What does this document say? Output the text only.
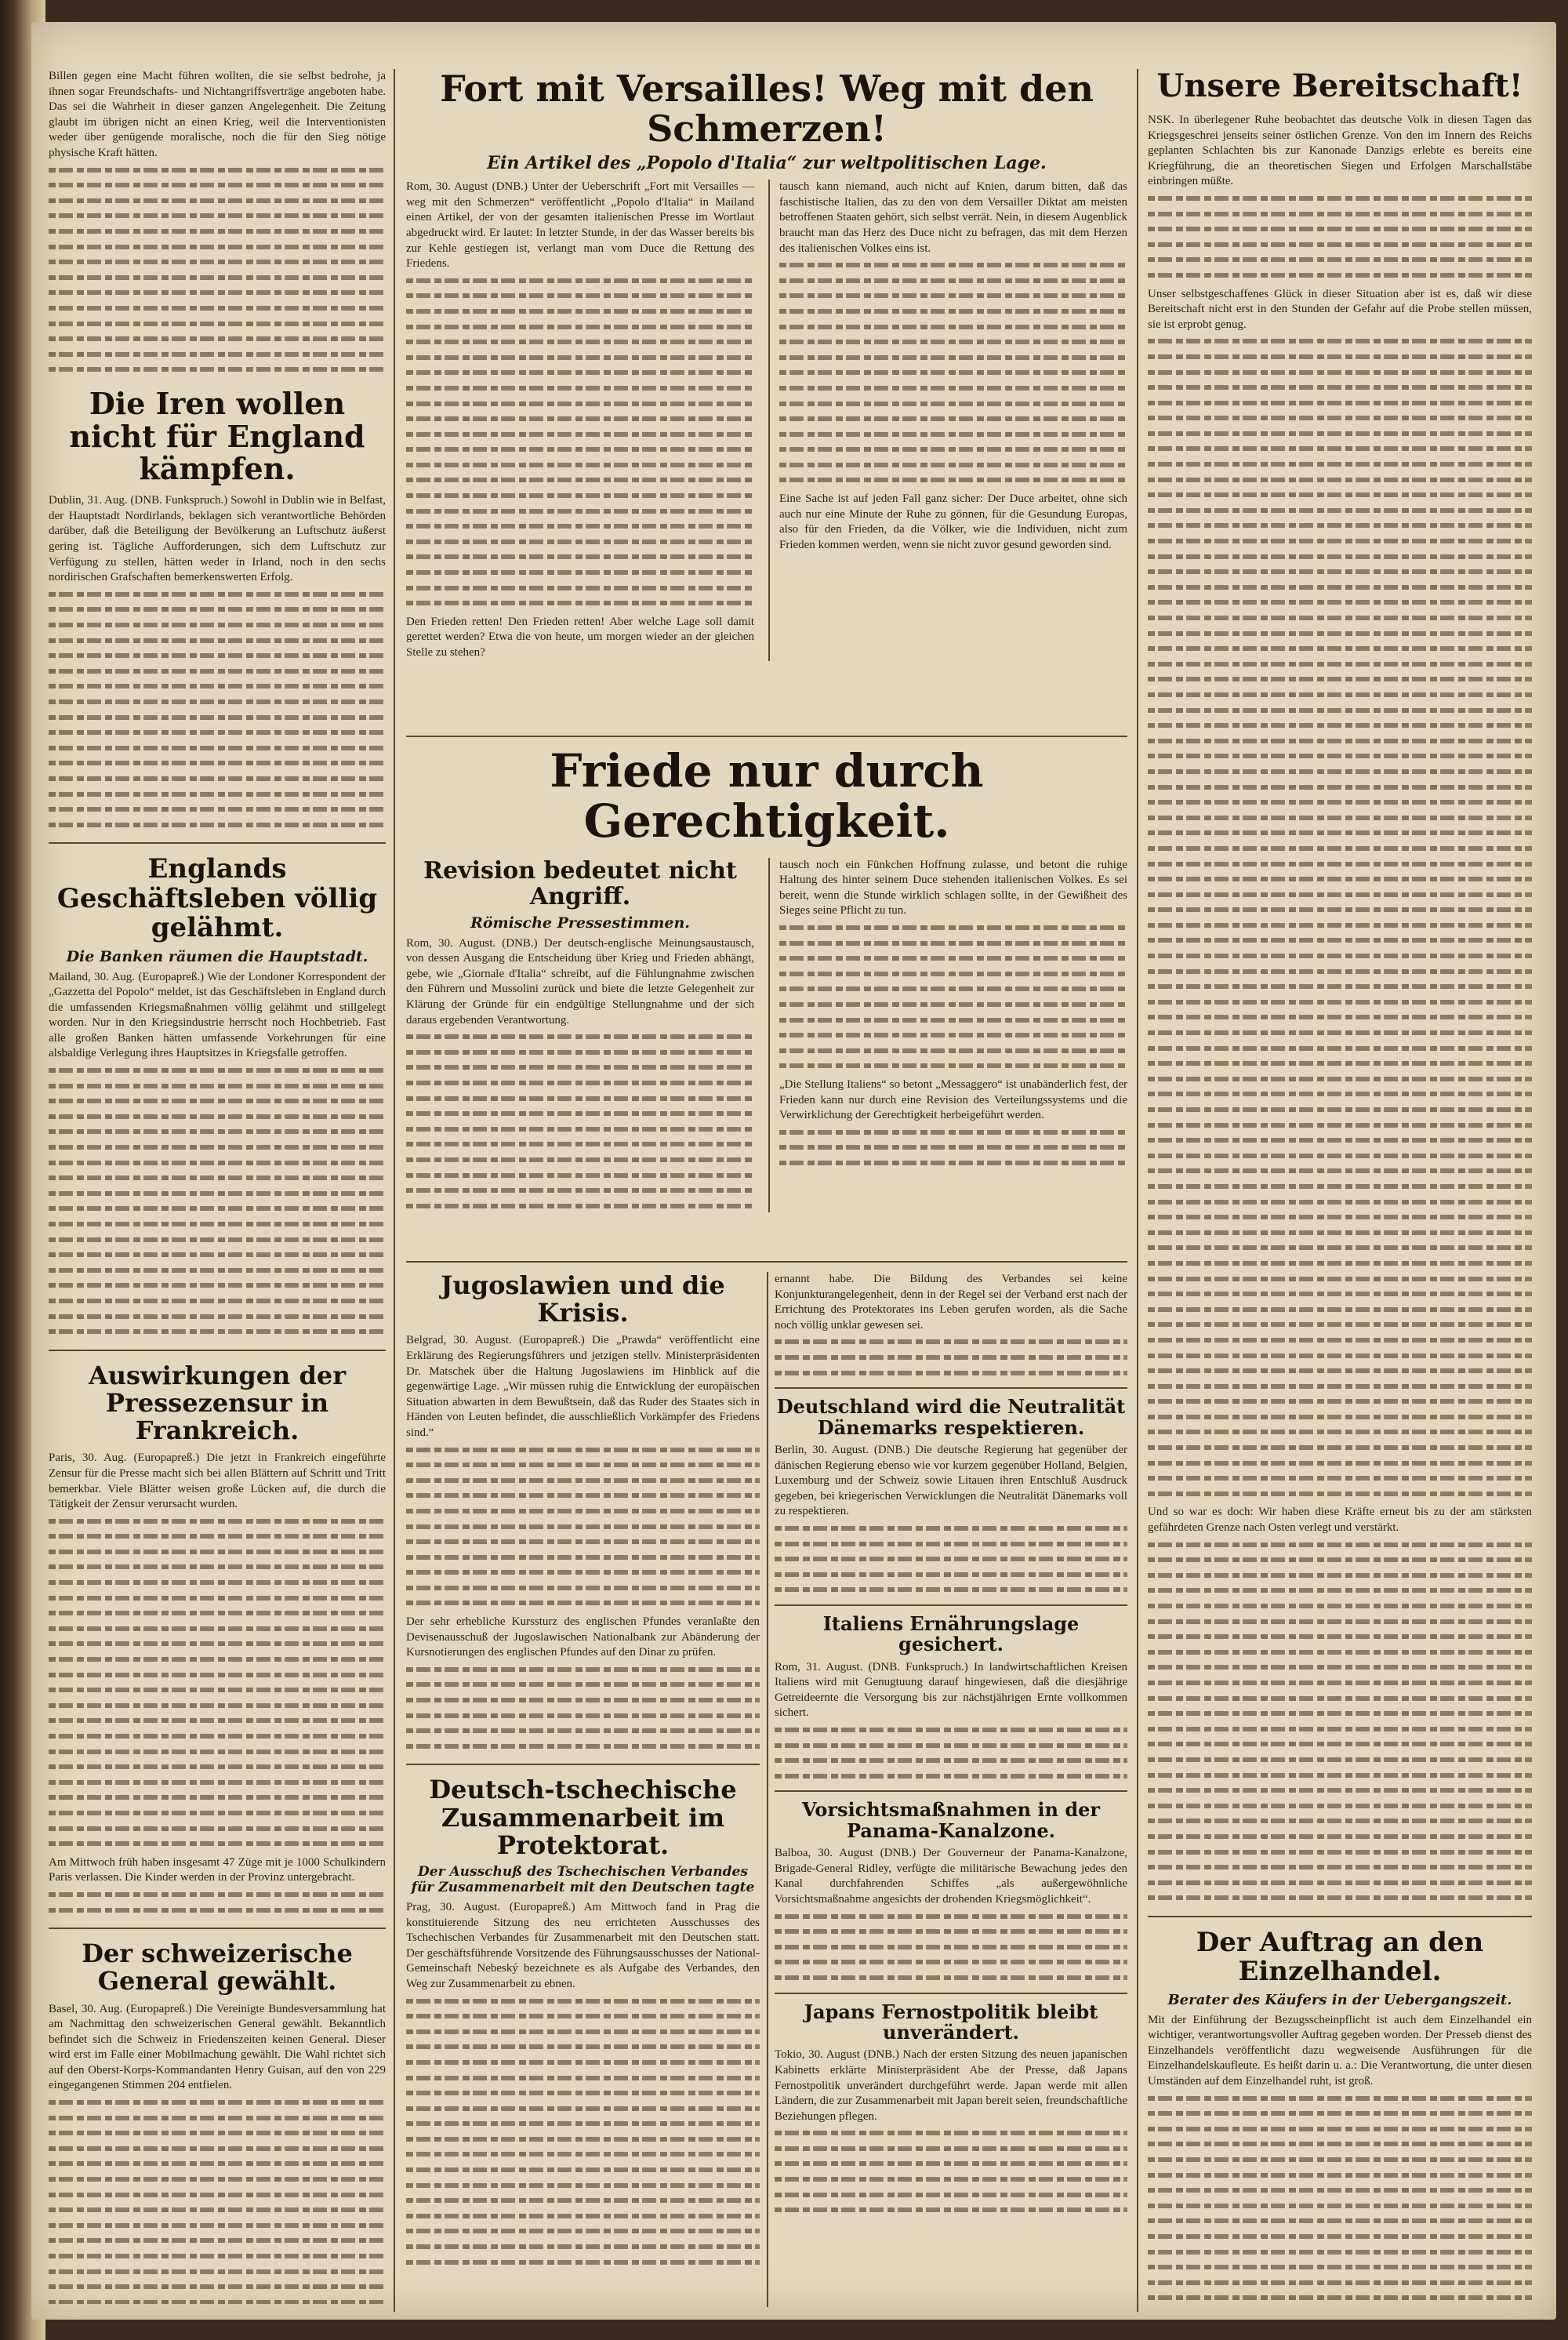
Billen gegen eine Macht führen wollten, die sie selbst bedrohe, ja ihnen sogar Freundschafts- und Nichtangriffsverträge angeboten habe. Das sei die Wahrheit in dieser ganzen Angelegenheit. Die Zeitung glaubt im übrigen nicht an einen Krieg, weil die Interventionisten weder über genügende moralische, noch die für den Sieg nötige physische Kraft hätten.

Die Iren wollen nicht für England kämpfen.

Dublin, 31. Aug. (DNB. Funkspruch.) Sowohl in Dublin wie in Belfast, der Hauptstadt Nordirlands, beklagen sich verantwortliche Behörden darüber, daß die Beteiligung der Bevölkerung an Luftschutz äußerst gering ist. Tägliche Aufforderungen, sich dem Luftschutz zur Verfügung zu stellen, hätten weder in Irland, noch in den sechs nordirischen Grafschaften bemerkenswerten Erfolg.

Englands Geschäftsleben völlig gelähmt.

Die Banken räumen die Hauptstadt.

Mailand, 30. Aug. (Europapreß.) Wie der Londoner Korrespondent der „Gazzetta del Popolo“ meldet, ist das Geschäftsleben in England durch die umfassenden Kriegsmaßnahmen völlig gelähmt und stillgelegt worden. Nur in den Kriegsindustrie herrscht noch Hochbetrieb. Fast alle großen Banken hätten umfassende Vorkehrungen für eine alsbaldige Verlegung ihres Hauptsitzes in Kriegsfalle getroffen.

Auswirkungen der Pressezensur in Frankreich.

Paris, 30. Aug. (Europapreß.) Die jetzt in Frankreich eingeführte Zensur für die Presse macht sich bei allen Blättern auf Schritt und Tritt bemerkbar. Viele Blätter weisen große Lücken auf, die durch die Tätigkeit der Zensur verursacht wurden.

Am Mittwoch früh haben insgesamt 47 Züge mit je 1000 Schulkindern Paris verlassen. Die Kinder werden in der Provinz untergebracht.

Der schweizerische General gewählt.

Basel, 30. Aug. (Europapreß.) Die Vereinigte Bundesversammlung hat am Nachmittag den schweizerischen General gewählt. Bekanntlich befindet sich die Schweiz in Friedenszeiten keinen General. Dieser wird erst im Falle einer Mobilmachung gewählt. Die Wahl richtet sich auf den Oberst-Korps-Kommandanten Henry Guisan, auf den von 229 eingegangenen Stimmen 204 entfielen.

Fort mit Versailles! Weg mit den Schmerzen!

Ein Artikel des „Popolo d'Italia“ zur weltpolitischen Lage.

Rom, 30. August (DNB.) Unter der Ueberschrift „Fort mit Versailles — weg mit den Schmerzen“ veröffentlicht „Popolo d'Italia“ in Mailand einen Artikel, der von der gesamten italienischen Presse im Wortlaut abgedruckt wird. Er lautet: In letzter Stunde, in der das Wasser bereits bis zur Kehle gestiegen ist, verlangt man vom Duce die Rettung des Friedens.

Den Frieden retten! Den Frieden retten! Aber welche Lage soll damit gerettet werden? Etwa die von heute, um morgen wieder an der gleichen Stelle zu stehen?

tausch kann niemand, auch nicht auf Knien, darum bitten, daß das faschistische Italien, das zu den von dem Versailler Diktat am meisten betroffenen Staaten gehört, sich selbst verrät. Nein, in diesem Augenblick braucht man das Herz des Duce nicht zu befragen, das mit dem Herzen des italienischen Volkes eins ist.

Eine Sache ist auf jeden Fall ganz sicher: Der Duce arbeitet, ohne sich auch nur eine Minute der Ruhe zu gönnen, für die Gesundung Europas, also für den Frieden, da die Völker, wie die Individuen, nicht zum Frieden kommen werden, wenn sie nicht zuvor gesund geworden sind.

Friede nur durch Gerechtigkeit.
Revision bedeutet nicht Angriff.

Römische Pressestimmen.

Rom, 30. August. (DNB.) Der deutsch-englische Meinungsaustausch, von dessen Ausgang die Entscheidung über Krieg und Frieden abhängt, gebe, wie „Giornale d'Italia“ schreibt, auf die Fühlungnahme zwischen den Führern und Mussolini zurück und biete die letzte Gelegenheit zur Klärung der Gründe für ein endgültige Stellungnahme und der sich daraus ergebenden Verantwortung.

tausch noch ein Fünkchen Hoffnung zulasse, und betont die ruhige Haltung des hinter seinem Duce stehenden italienischen Volkes. Es sei bereit, wenn die Stunde wirklich schlagen sollte, in der Gewißheit des Sieges seine Pflicht zu tun.

„Die Stellung Italiens“ so betont „Messaggero“ ist unabänderlich fest, der Frieden kann nur durch eine Revision des Verteilungssystems und die Verwirklichung der Gerechtigkeit herbeigeführt werden.

Jugoslawien und die Krisis.

Belgrad, 30. August. (Europapreß.) Die „Prawda“ veröffentlicht eine Erklärung des Regierungsführers und jetzigen stellv. Ministerpräsidenten Dr. Matschek über die Haltung Jugoslawiens im Hinblick auf die gegenwärtige Lage. „Wir müssen ruhig die Entwicklung der europäischen Situation abwarten in dem Bewußtsein, daß das Ruder des Staates sich in Händen von Leuten befindet, die ausschließlich Vorkämpfer des Friedens sind.“

Der sehr erhebliche Kurssturz des englischen Pfundes veranlaßte den Devisenausschuß der Jugoslawischen Nationalbank zur Abänderung der Kursnotierungen des englischen Pfundes auf den Dinar zu prüfen.

Deutsch-tschechische Zusammenarbeit im Protektorat.

Der Ausschuß des Tschechischen Verbandes für Zusammenarbeit mit den Deutschen tagte

Prag, 30. August. (Europapreß.) Am Mittwoch fand in Prag die konstituierende Sitzung des neu errichteten Ausschusses des Tschechischen Verbandes für Zusammenarbeit mit den Deutschen statt. Der geschäftsführende Vorsitzende des Führungsausschusses der National-Gemeinschaft Nebeský bezeichnete es als Aufgabe des Verbandes, den Weg zur Zusammenarbeit zu ebnen.

ernannt habe. Die Bildung des Verbandes sei keine Konjunkturangelegenheit, denn in der Regel sei der Verband erst nach der Errichtung des Protektorates ins Leben gerufen worden, als die Sache noch völlig unklar gewesen sei.

Deutschland wird die Neutralität Dänemarks respektieren.

Berlin, 30. August. (DNB.) Die deutsche Regierung hat gegenüber der dänischen Regierung ebenso wie vor kurzem gegenüber Holland, Belgien, Luxemburg und der Schweiz sowie Litauen ihren Entschluß Ausdruck gegeben, bei kriegerischen Verwicklungen die Neutralität Dänemarks voll zu respektieren.

Italiens Ernährungslage gesichert.

Rom, 31. August. (DNB. Funkspruch.) In landwirtschaftlichen Kreisen Italiens wird mit Genugtuung darauf hingewiesen, daß die diesjährige Getreideernte die Versorgung bis zur nächstjährigen Ernte vollkommen sichert.

Vorsichtsmaßnahmen in der Panama-Kanalzone.

Balboa, 30. August (DNB.) Der Gouverneur der Panama-Kanalzone, Brigade-General Ridley, verfügte die militärische Bewachung jedes den Kanal durchfahrenden Schiffes „als außergewöhnliche Vorsichtsmaßnahme angesichts der drohenden Kriegsmöglichkeit“.

Japans Fernostpolitik bleibt unverändert.

Tokio, 30. August (DNB.) Nach der ersten Sitzung des neuen japanischen Kabinetts erklärte Ministerpräsident Abe der Presse, daß Japans Fernostpolitik unverändert durchgeführt werde. Japan werde mit allen Ländern, die zur Zusammenarbeit mit Japan bereit seien, freundschaftliche Beziehungen pflegen.

Unsere Bereitschaft!

NSK. In überlegener Ruhe beobachtet das deutsche Volk in diesen Tagen das Kriegsgeschrei jenseits seiner östlichen Grenze. Von den im Innern des Reichs geplanten Schlachten bis zur Kanonade Danzigs erlebte es bereits eine Kriegführung, die an theoretischen Siegen und Erfolgen Marschallstäbe einbringen müßte.

Unser selbstgeschaffenes Glück in dieser Situation aber ist es, daß wir diese Bereitschaft nicht erst in den Stunden der Gefahr auf die Probe stellen müssen, sie ist erprobt genug.

Und so war es doch: Wir haben diese Kräfte erneut bis zu der am stärksten gefährdeten Grenze nach Osten verlegt und verstärkt.

Der Auftrag an den Einzelhandel.

Berater des Käufers in der Uebergangszeit.

Mit der Einführung der Bezugsscheinpflicht ist auch dem Einzelhandel ein wichtiger, verantwortungsvoller Auftrag gegeben worden. Der Presseb dienst des Einzelhandels veröffentlicht dazu wegweisende Ausführungen für die Einzelhandelskaufleute. Es heißt darin u. a.: Die Verantwortung, die unter diesen Umständen auf dem Einzelhandel ruht, ist groß.
